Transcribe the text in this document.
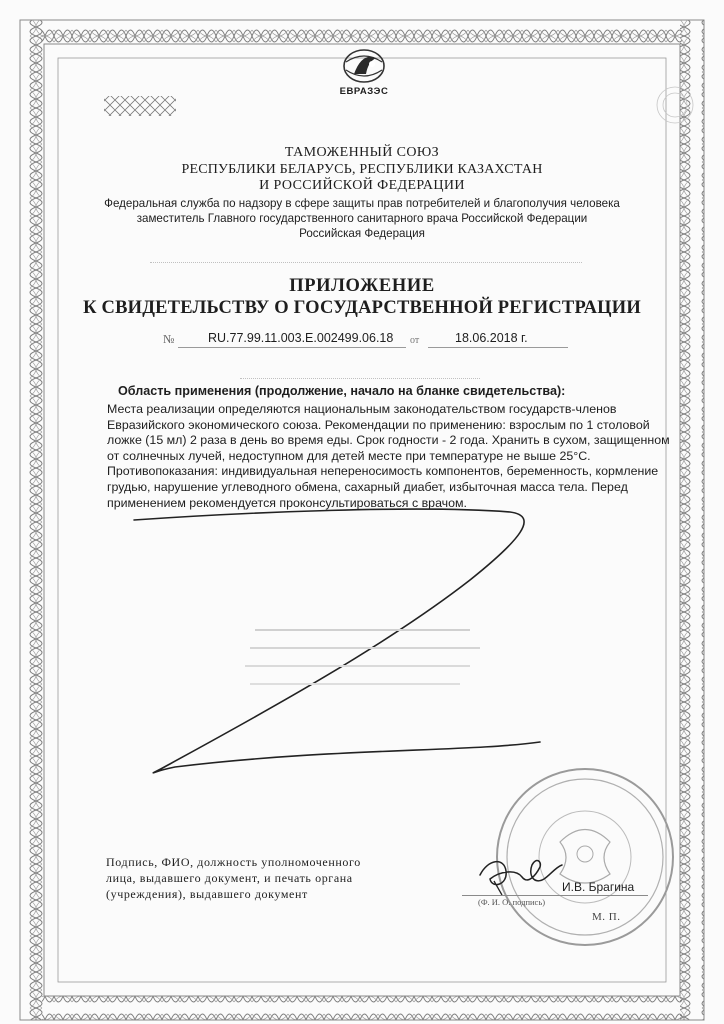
ЕВРАЗЭС
ТАМОЖЕННЫЙ СОЮЗ
РЕСПУБЛИКИ БЕЛАРУСЬ, РЕСПУБЛИКИ КАЗАХСТАН
И РОССИЙСКОЙ ФЕДЕРАЦИИ
Федеральная служба по надзору в сфере защиты прав потребителей и благополучия человека
заместитель Главного государственного санитарного врача Российской Федерации
Российская Федерация
ПРИЛОЖЕНИЕ
К СВИДЕТЕЛЬСТВУ О ГОСУДАРСТВЕННОЙ РЕГИСТРАЦИИ
№	RU.77.99.11.003.E.002499.06.18 от	18.06.2018 г.
Область применения (продолжение, начало на бланке свидетельства):
Места реализации определяются национальным законодательством государств-членов
Евразийского экономического союза. Рекомендации по применению: взрослым по 1 столовой
ложке (15 мл) 2 раза в день во время еды. Срок годности - 2 года. Хранить в сухом, защищенном
от солнечных лучей, недоступном для детей месте при температуре не выше 25°С.
Противопоказания: индивидуальная непереносимость компонентов, беременность, кормление
грудью, нарушение углеводного обмена, сахарный диабет, избыточная масса тела. Перед
применением рекомендуется проконсультироваться с врачом.
Подпись, ФИО, должность уполномоченного
лица, выдавшего документ, и печать органа
(учреждения), выдавшего документ	И.В. Брагина
(Ф. И. О. подпись)
М. П.
